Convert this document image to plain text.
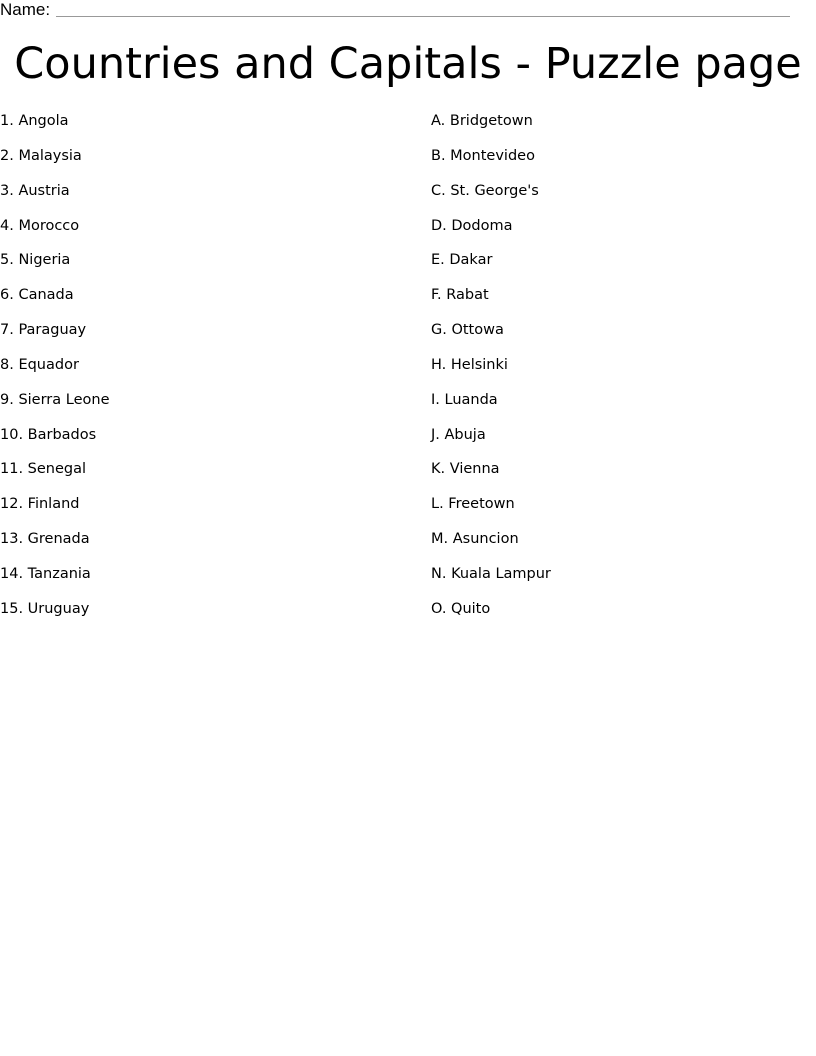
Name:
Countries and Capitals - Puzzle page
1. Angola
2. Malaysia
3. Austria
4. Morocco
5. Nigeria
6. Canada
7. Paraguay
8. Equador
9. Sierra Leone
10. Barbados
11. Senegal
12. Finland
13. Grenada
14. Tanzania
15. Uruguay
A. Bridgetown
B. Montevideo
C. St. George's
D. Dodoma
E. Dakar
F. Rabat
G. Ottowa
H. Helsinki
I. Luanda
J. Abuja
K. Vienna
L. Freetown
M. Asuncion
N. Kuala Lampur
O. Quito
